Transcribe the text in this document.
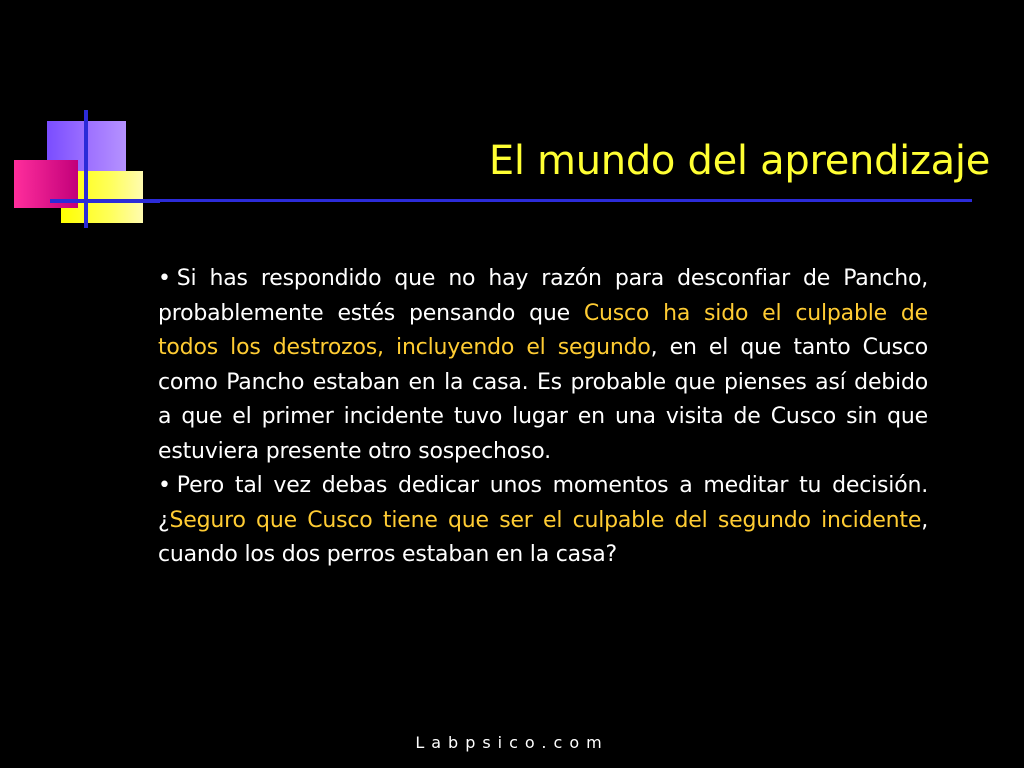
El mundo del aprendizaje

• Si has respondido que no hay razón para desconfiar de Pancho, probablemente estés pensando que Cusco ha sido el culpable de todos los destrozos, incluyendo el segundo, en el que tanto Cusco como Pancho estaban en la casa. Es probable que pienses así debido a que el primer incidente tuvo lugar en una visita de Cusco sin que estuviera presente otro sospechoso.

• Pero tal vez debas dedicar unos momentos a meditar tu decisión. ¿Seguro que Cusco tiene que ser el culpable del segundo incidente, cuando los dos perros estaban en la casa?

Labpsico.com
